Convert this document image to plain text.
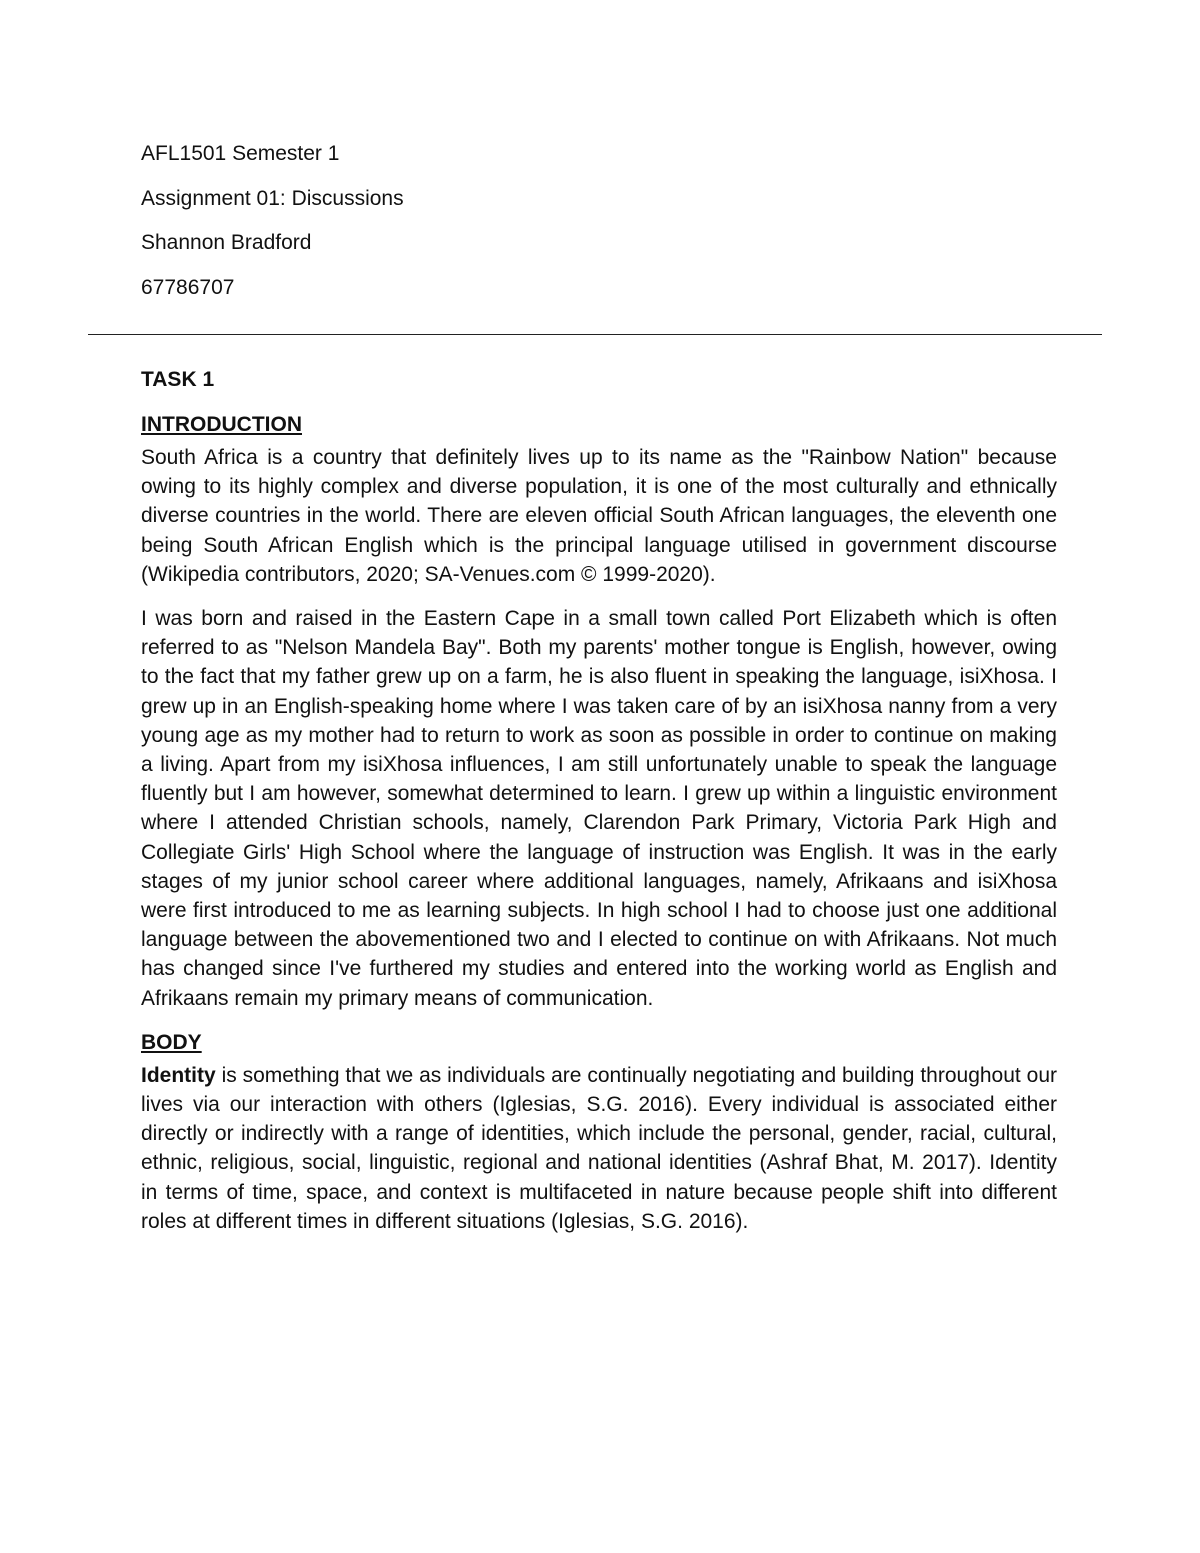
AFL1501 Semester 1
Assignment 01: Discussions
Shannon Bradford
67786707
TASK 1
INTRODUCTION

South Africa is a country that definitely lives up to its name as the "Rainbow Nation" because owing to its highly complex and diverse population, it is one of the most culturally and ethnically diverse countries in the world. There are eleven official South African languages, the eleventh one being South African English which is the principal language utilised in government discourse (Wikipedia contributors, 2020; SA-Venues.com © 1999-2020).

I was born and raised in the Eastern Cape in a small town called Port Elizabeth which is often referred to as "Nelson Mandela Bay". Both my parents' mother tongue is English, however, owing to the fact that my father grew up on a farm, he is also fluent in speaking the language, isiXhosa. I grew up in an English-speaking home where I was taken care of by an isiXhosa nanny from a very young age as my mother had to return to work as soon as possible in order to continue on making a living. Apart from my isiXhosa influences, I am still unfortunately unable to speak the language fluently but I am however, somewhat determined to learn. I grew up within a linguistic environment where I attended Christian schools, namely, Clarendon Park Primary, Victoria Park High and Collegiate Girls' High School where the language of instruction was English. It was in the early stages of my junior school career where additional languages, namely, Afrikaans and isiXhosa were first introduced to me as learning subjects. In high school I had to choose just one additional language between the abovementioned two and I elected to continue on with Afrikaans. Not much has changed since I've furthered my studies and entered into the working world as English and Afrikaans remain my primary means of communication.

BODY

Identity is something that we as individuals are continually negotiating and building throughout our lives via our interaction with others (Iglesias, S.G. 2016). Every individual is associated either directly or indirectly with a range of identities, which include the personal, gender, racial, cultural, ethnic, religious, social, linguistic, regional and national identities (Ashraf Bhat, M. 2017). Identity in terms of time, space, and context is multifaceted in nature because people shift into different roles at different times in different situations (Iglesias, S.G. 2016).
